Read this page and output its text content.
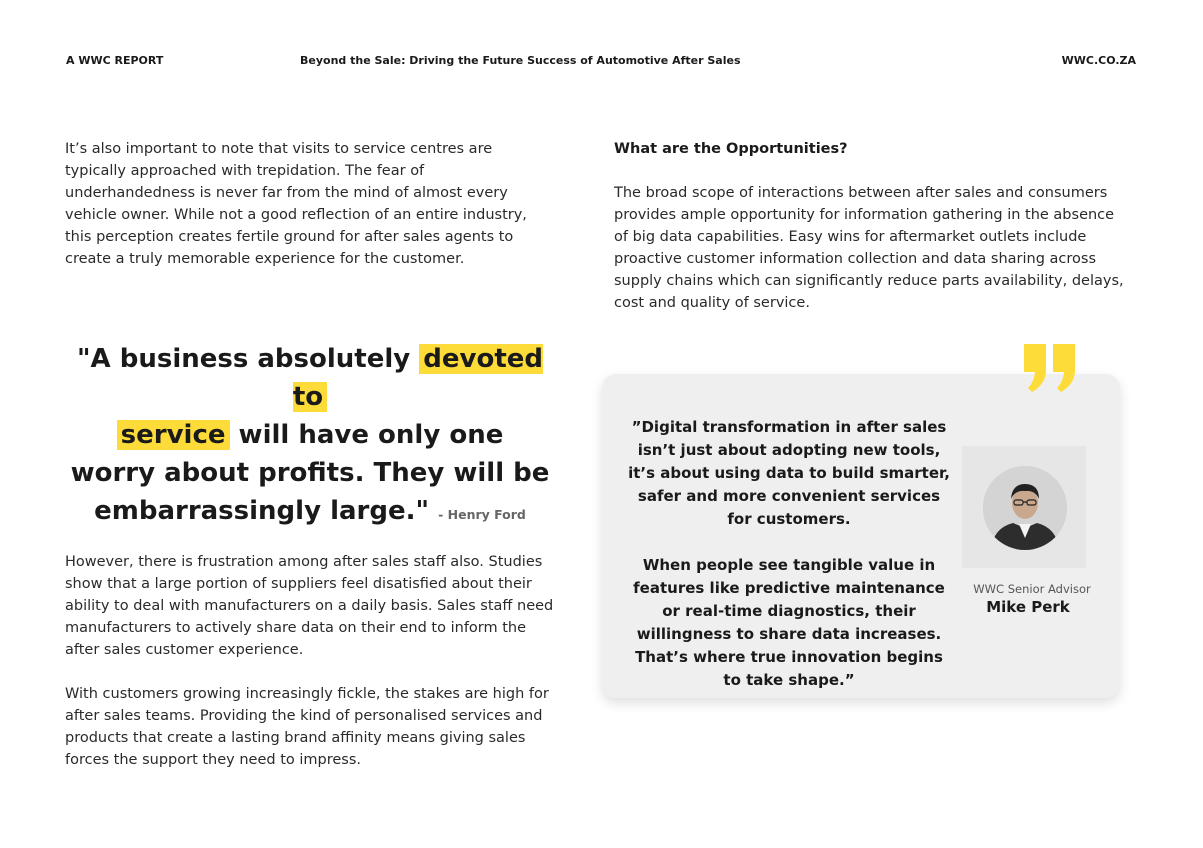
A WWC REPORT	Beyond the Sale: Driving the Future Success of Automotive After Sales	WWC.CO.ZA

It’s also important to note that visits to service centres are typically approached with trepidation. The fear of underhandedness is never far from the mind of almost every vehicle owner. While not a good reflection of an entire industry, this perception creates fertile ground for after sales agents to create a truly memorable experience for the customer.

"A business absolutely devoted to
service will have only one worry about profits. They will be embarrassingly large." - Henry Ford

However, there is frustration among after sales staff also. Studies show that a large portion of suppliers feel disatisfied about their ability to deal with manufacturers on a daily basis. Sales staff need manufacturers to actively share data on their end to inform the after sales customer experience.

With customers growing increasingly fickle, the stakes are high for after sales teams. Providing the kind of personalised services and products that create a lasting brand affinity means giving sales forces the support they need to impress.

What are the Opportunities?

The broad scope of interactions between after sales and consumers provides ample opportunity for information gathering in the absence of big data capabilities. Easy wins for aftermarket outlets include proactive customer information collection and data sharing across supply chains which can significantly reduce parts availability, delays, cost and quality of service.

”Digital transformation in after sales isn’t just about adopting new tools, it’s about using data to build smarter, safer and more convenient services for customers.

When people see tangible value in features like predictive maintenance or real-time diagnostics, their willingness to share data increases. That’s where true innovation begins to take shape.”

WWC Senior Advisor
Mike Perk
